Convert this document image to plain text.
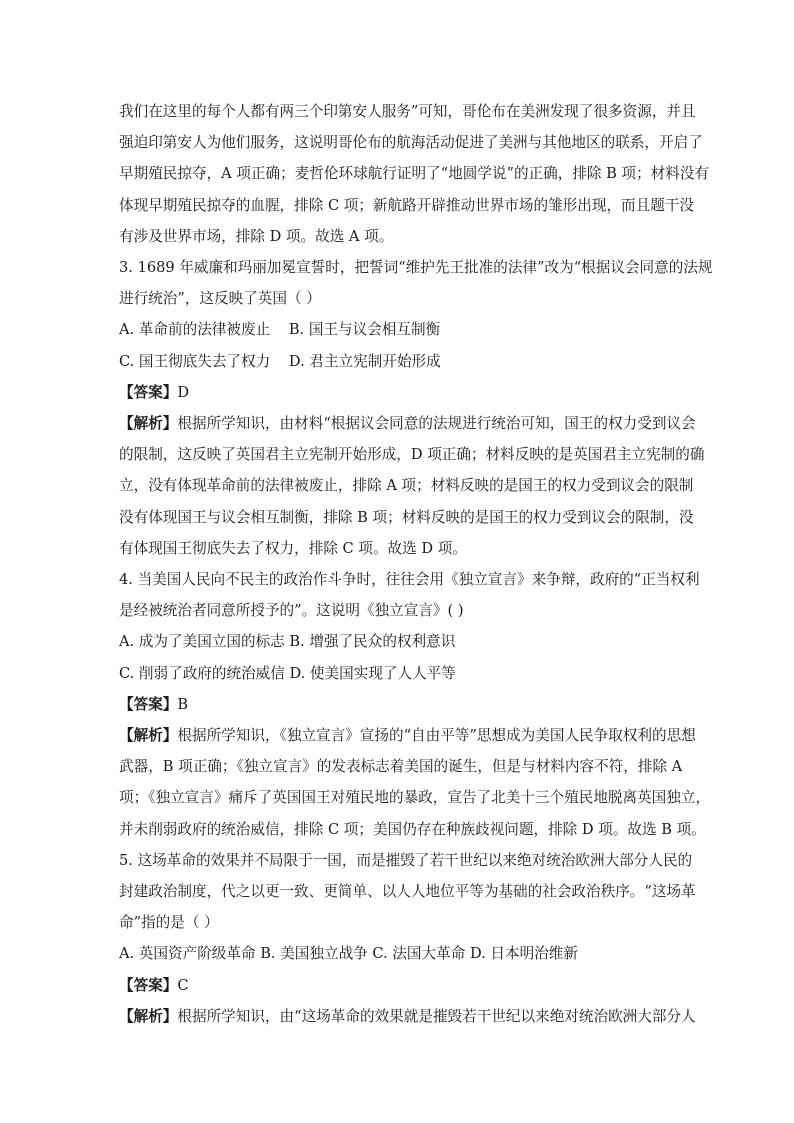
我们在这里的每个人都有两三个印第安人服务”可知，哥伦布在美洲发现了很多资源，并且
强迫印第安人为他们服务，这说明哥伦布的航海活动促进了美洲与其他地区的联系，开启了
早期殖民掠夺，A 项正确；麦哲伦环球航行证明了“地圆学说”的正确，排除 B 项；材料没有
体现早期殖民掠夺的血腥，排除 C 项；新航路开辟推动世界市场的雏形出现，而且题干没
有涉及世界市场，排除 D 项。故选 A 项。
3. 1689 年威廉和玛丽加冕宣誓时，把誓词“维护先王批准的法律”改为“根据议会同意的法规
进行统治”，这反映了英国（ ）
A. 革命前的法律被废止 B. 国王与议会相互制衡
C. 国王彻底失去了权力 D. 君主立宪制开始形成
【答案】D
【解析】根据所学知识，由材料“根据议会同意的法规进行统治可知，国王的权力受到议会
的限制，这反映了英国君主立宪制开始形成，D 项正确；材料反映的是英国君主立宪制的确
立，没有体现革命前的法律被废止，排除 A 项；材料反映的是国王的权力受到议会的限制
没有体现国王与议会相互制衡，排除 B 项；材料反映的是国王的权力受到议会的限制，没
有体现国王彻底失去了权力，排除 C 项。故选 D 项。
4. 当美国人民向不民主的政治作斗争时，往往会用《独立宣言》来争辩，政府的“正当权利
是经被统治者同意所授予的”。这说明《独立宣言》( )
A. 成为了美国立国的标志 B. 增强了民众的权利意识
C. 削弱了政府的统治威信 D. 使美国实现了人人平等
【答案】B
【解析】根据所学知识，《独立宣言》宣扬的“自由平等”思想成为美国人民争取权利的思想
武器，B 项正确；《独立宣言》的发表标志着美国的诞生，但是与材料内容不符，排除 A
项；《独立宣言》痛斥了英国国王对殖民地的暴政，宣告了北美十三个殖民地脱离英国独立，
并未削弱政府的统治威信，排除 C 项；美国仍存在种族歧视问题，排除 D 项。故选 B 项。
5. 这场革命的效果并不局限于一国，而是摧毁了若干世纪以来绝对统治欧洲大部分人民的
封建政治制度，代之以更一致、更简单、以人人地位平等为基础的社会政治秩序。“这场革
命”指的是（ ）
A. 英国资产阶级革命 B. 美国独立战争 C. 法国大革命 D. 日本明治维新
【答案】C
【解析】根据所学知识，由“这场革命的效果就是摧毁若干世纪以来绝对统治欧洲大部分人
